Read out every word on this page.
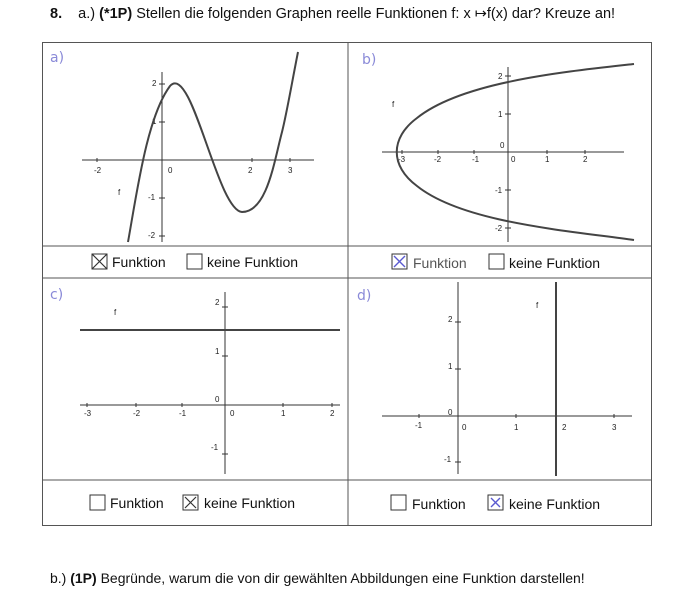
8. a.) (*1P) Stellen die folgenden Graphen reelle Funktionen f: x ↦f(x) dar? Kreuze an!
a)
-2	0	2	3
2
1
-1
-2
f
b)
-3	-2	-1	0	1	2
2
1
0
-1
-2
f
c)
-3	-2	-1	0	1	2
2
1
0
-1
f
d)
-1	0	1	2	3
2
1
0
-1
f
Funktion	keine Funktion	Funktion	keine Funktion
Funktion	keine Funktion	Funktion	keine Funktion
b.) (1P) Begründe, warum die von dir gewählten Abbildungen eine Funktion darstellen!
